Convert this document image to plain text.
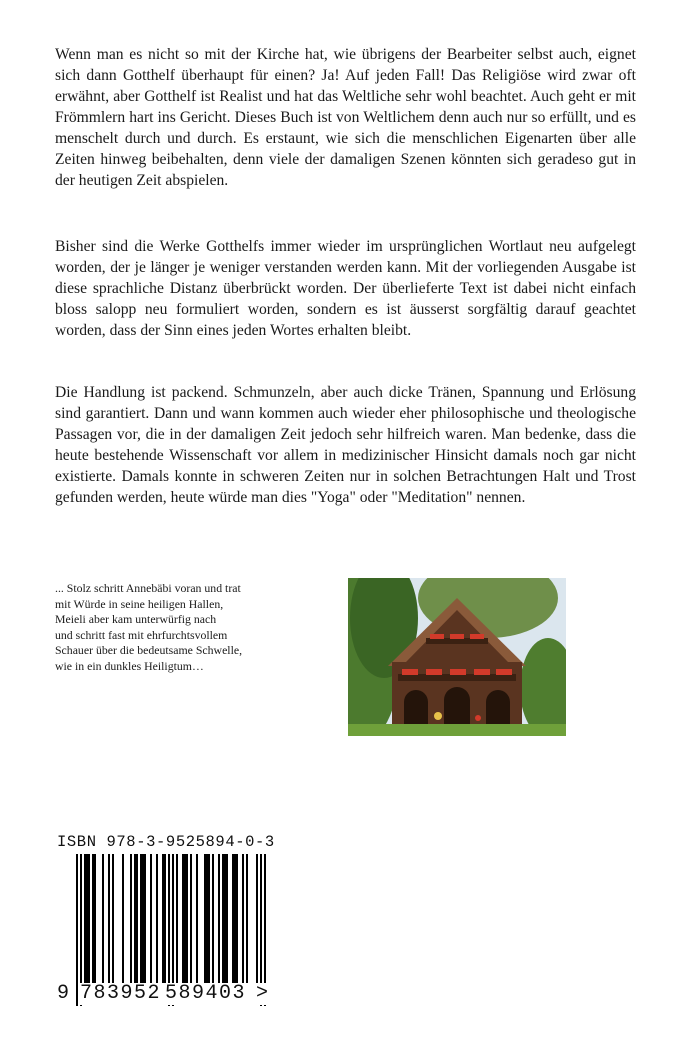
Wenn man es nicht so mit der Kirche hat, wie übrigens der Bearbeiter selbst auch, eignet sich dann Gotthelf überhaupt für einen? Ja! Auf jeden Fall! Das Religiöse wird zwar oft erwähnt, aber Gotthelf ist Realist und hat das Weltliche sehr wohl beachtet. Auch geht er mit Frömmlern hart ins Gericht. Dieses Buch ist von Weltlichem denn auch nur so erfüllt, und es menschelt durch und durch. Es erstaunt, wie sich die menschlichen Eigenarten über alle Zeiten hinweg beibehalten, denn viele der damaligen Szenen könnten sich geradeso gut in der heutigen Zeit abspielen.

Bisher sind die Werke Gotthelfs immer wieder im ursprünglichen Wortlaut neu aufgelegt worden, der je länger je weniger verstanden werden kann. Mit der vorliegenden Ausgabe ist diese sprachliche Distanz überbrückt worden. Der überlieferte Text ist dabei nicht einfach bloss salopp neu formuliert worden, sondern es ist äusserst sorgfältig darauf geachtet worden, dass der Sinn eines jeden Wortes erhalten bleibt.

Die Handlung ist packend. Schmunzeln, aber auch dicke Tränen, Spannung und Erlösung sind garantiert. Dann und wann kommen auch wieder eher philosophische und theologische Passagen vor, die in der damaligen Zeit jedoch sehr hilfreich waren. Man bedenke, dass die heute bestehende Wissenschaft vor allem in medizinischer Hinsicht damals noch gar nicht existierte. Damals konnte in schweren Zeiten nur in solchen Betrachtungen Halt und Trost gefunden werden, heute würde man dies "Yoga" oder "Meditation" nennen.

... Stolz schritt Annebäbi voran und trat
mit Würde in seine heiligen Hallen,
Meieli aber kam unterwürfig nach
und schritt fast mit ehrfurchtsvollem
Schauer über die bedeutsame Schwelle,
wie in ein dunkles Heiligtum…
ISBN 978-3-9525894-0-3
9 783952 589403 >
